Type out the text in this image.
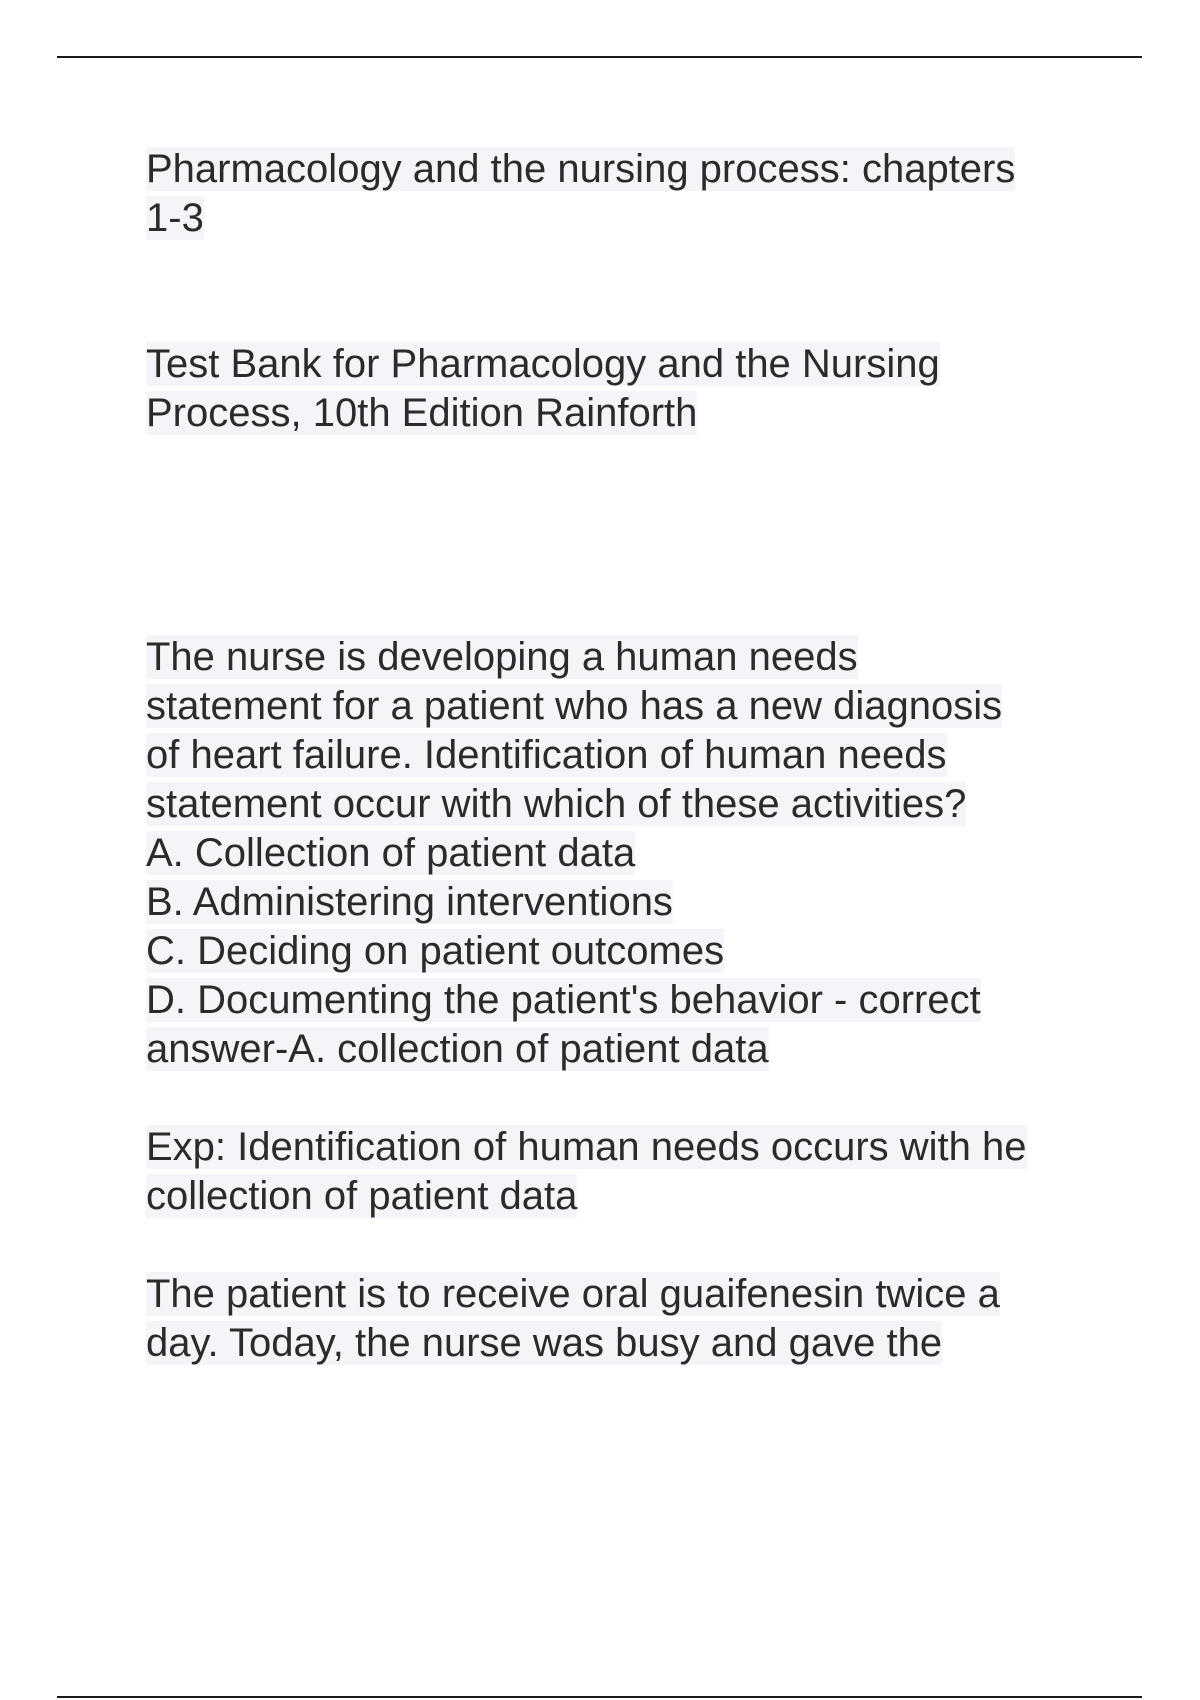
Pharmacology and the nursing process: chapters
1-3
Test Bank for Pharmacology and the Nursing
Process, 10th Edition Rainforth
The nurse is developing a human needs
statement for a patient who has a new diagnosis
of heart failure. Identification of human needs
statement occur with which of these activities?
A. Collection of patient data
B. Administering interventions
C. Deciding on patient outcomes
D. Documenting the patient's behavior - correct
answer-A. collection of patient data
Exp: Identification of human needs occurs with he
collection of patient data
The patient is to receive oral guaifenesin twice a
day. Today, the nurse was busy and gave the
